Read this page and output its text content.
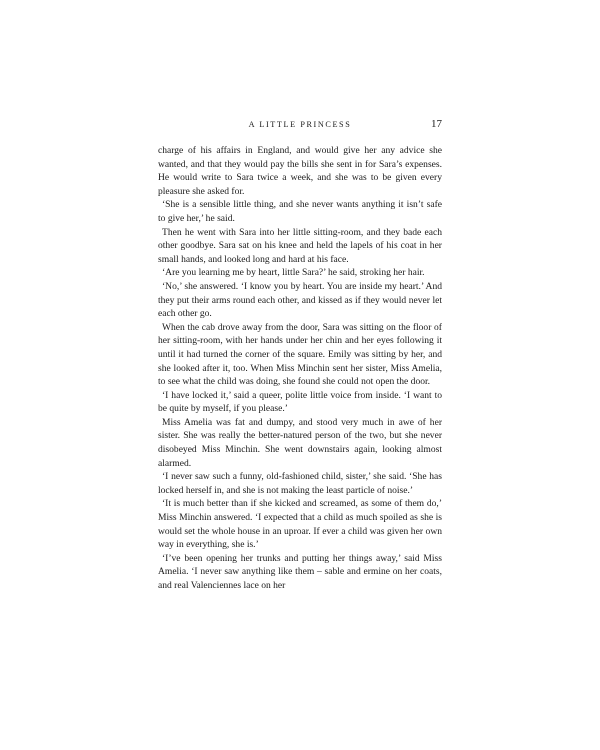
A LITTLE PRINCESS	17

charge of his affairs in England, and would give her any advice she wanted, and that they would pay the bills she sent in for Sara’s expenses. He would write to Sara twice a week, and she was to be given every pleasure she asked for.

‘She is a sensible little thing, and she never wants anything it isn’t safe to give her,’ he said.

Then he went with Sara into her little sitting-room, and they bade each other goodbye. Sara sat on his knee and held the lapels of his coat in her small hands, and looked long and hard at his face.

‘Are you learning me by heart, little Sara?’ he said, stroking her hair.

‘No,’ she answered. ‘I know you by heart. You are inside my heart.’ And they put their arms round each other, and kissed as if they would never let each other go.

When the cab drove away from the door, Sara was sitting on the floor of her sitting-room, with her hands under her chin and her eyes following it until it had turned the corner of the square. Emily was sitting by her, and she looked after it, too. When Miss Minchin sent her sister, Miss Amelia, to see what the child was doing, she found she could not open the door.

‘I have locked it,’ said a queer, polite little voice from inside. ‘I want to be quite by myself, if you please.’

Miss Amelia was fat and dumpy, and stood very much in awe of her sister. She was really the better-natured person of the two, but she never disobeyed Miss Minchin. She went downstairs again, looking almost alarmed.

‘I never saw such a funny, old-fashioned child, sister,’ she said. ‘She has locked herself in, and she is not making the least particle of noise.’

‘It is much better than if she kicked and screamed, as some of them do,’ Miss Minchin answered. ‘I expected that a child as much spoiled as she is would set the whole house in an uproar. If ever a child was given her own way in everything, she is.’

‘I’ve been opening her trunks and putting her things away,’ said Miss Amelia. ‘I never saw anything like them – sable and ermine on her coats, and real Valenciennes lace on her
